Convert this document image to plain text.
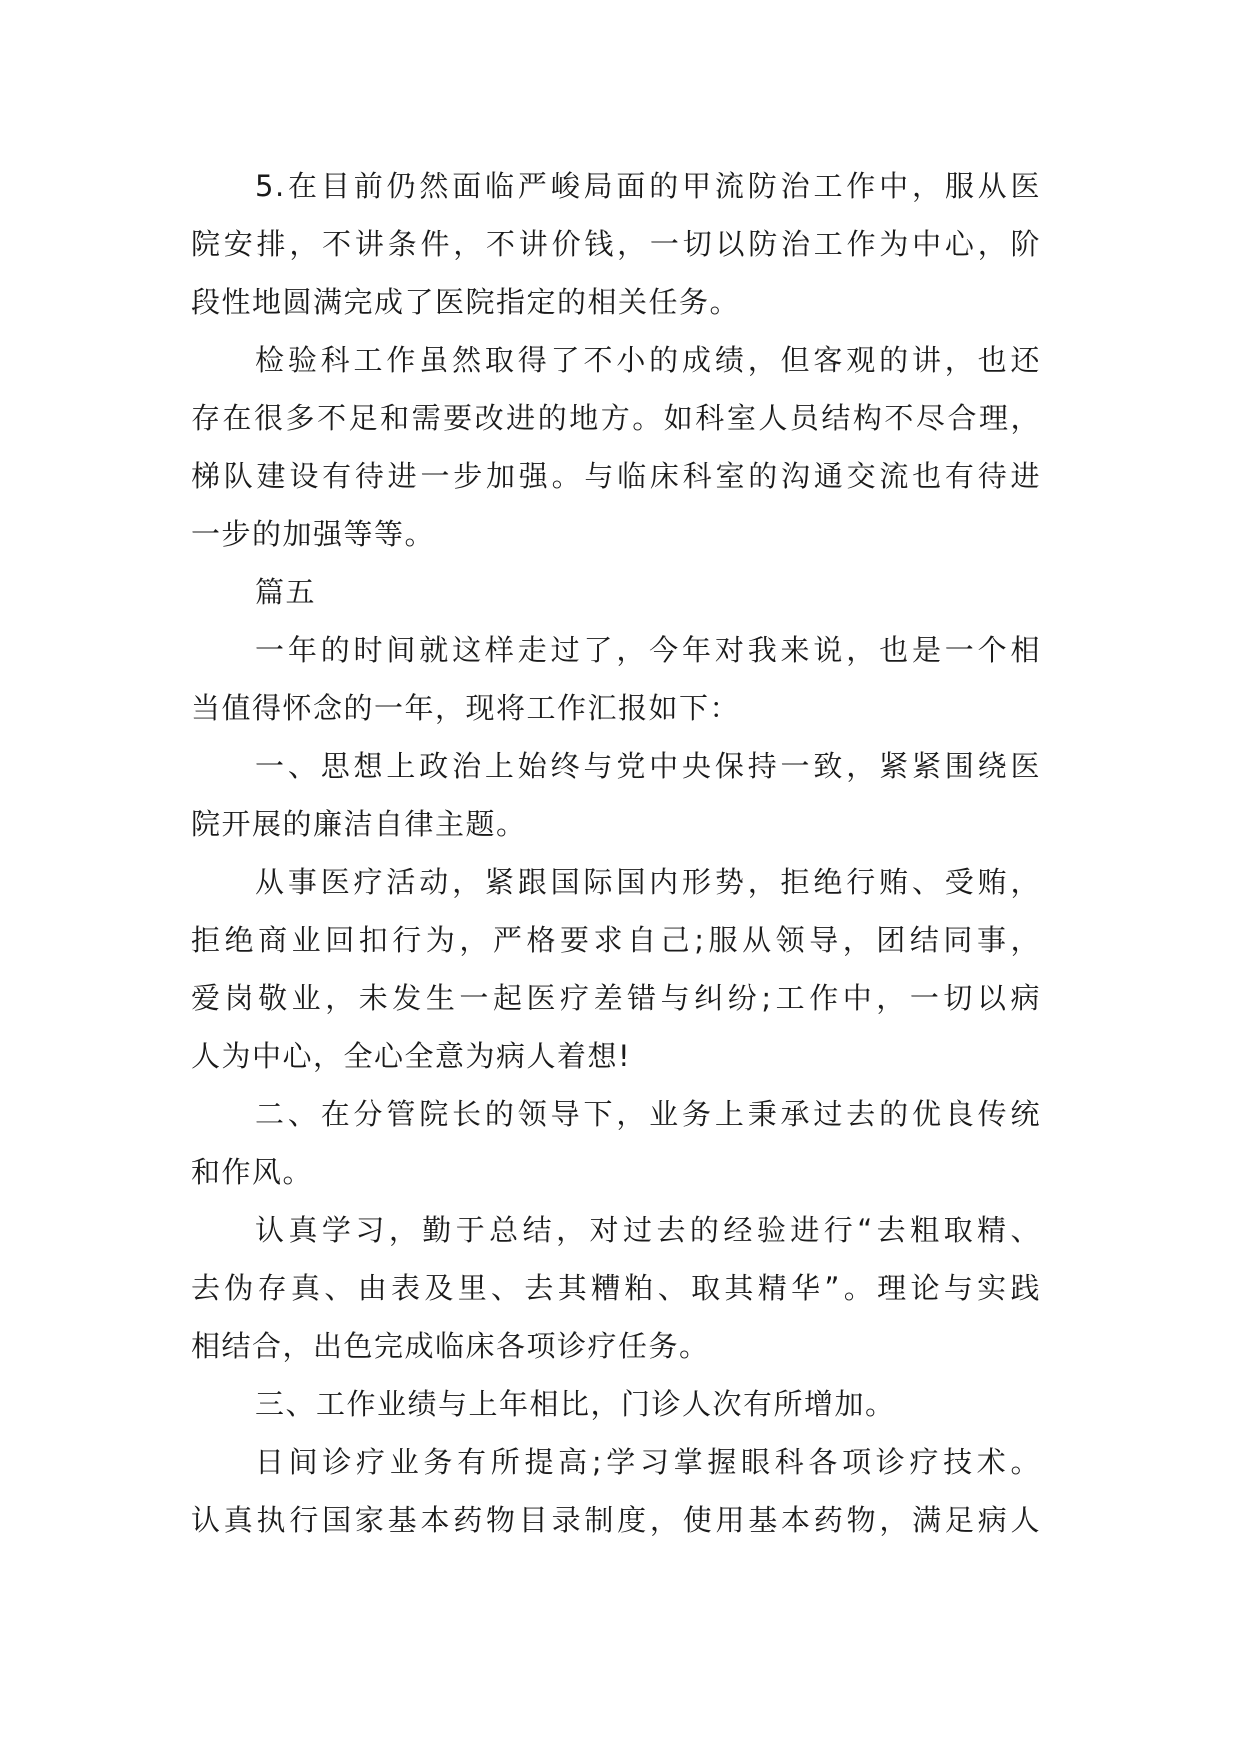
5.在目前仍然面临严峻局面的甲流防治工作中，服从医
院安排，不讲条件，不讲价钱，一切以防治工作为中心，阶
段性地圆满完成了医院指定的相关任务。
检验科工作虽然取得了不小的成绩，但客观的讲，也还
存在很多不足和需要改进的地方。如科室人员结构不尽合理，
梯队建设有待进一步加强。与临床科室的沟通交流也有待进
一步的加强等等。
篇五
一年的时间就这样走过了，今年对我来说，也是一个相
当值得怀念的一年，现将工作汇报如下：
一、思想上政治上始终与党中央保持一致，紧紧围绕医
院开展的廉洁自律主题。
从事医疗活动，紧跟国际国内形势，拒绝行贿、受贿，
拒绝商业回扣行为，严格要求自己;服从领导，团结同事，
爱岗敬业，未发生一起医疗差错与纠纷;工作中，一切以病
人为中心，全心全意为病人着想!
二、在分管院长的领导下，业务上秉承过去的优良传统
和作风。
认真学习，勤于总结，对过去的经验进行“去粗取精、
去伪存真、由表及里、去其糟粕、取其精华”。理论与实践
相结合，出色完成临床各项诊疗任务。
三、工作业绩与上年相比，门诊人次有所增加。
日间诊疗业务有所提高;学习掌握眼科各项诊疗技术。
认真执行国家基本药物目录制度，使用基本药物，满足病人
